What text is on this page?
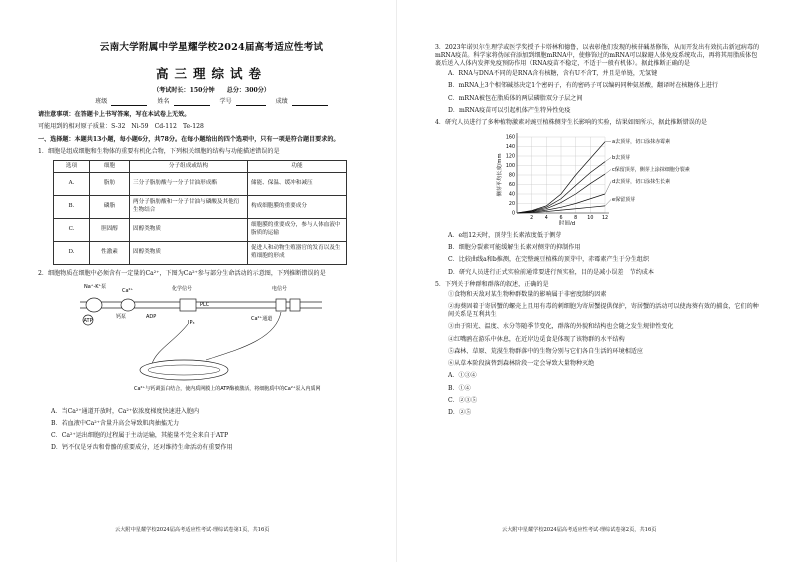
云南大学附属中学星耀学校2024届高考适应性考试
高三理综试卷
（考试时长：150分钟　　总分：300分）
班级	姓名	学号	成绩
请注意事项：在答题卡上书写答案，写在本试卷上无效。
可能用到的相对原子质量：S-32　Ni-59　Cd-112　Te-128
一、选择题：本题共13小题，每小题6分，共78分。在每小题给出的四个选项中，只有一项是符合题目要求的。
1．细胞是组成细胞和生物体的重要有机化合物，下列相关细胞的结构与功能描述错误的是
选项	细胞	分子组成或结构	功能
A.	脂肪	三分子脂肪酸与一分子甘油形成酯	储能、保温、缓冲和减压
B.	磷脂	两分子脂肪酸和一分子甘油与磷酸及其他衍生物结合	构成细胞膜的重要成分
C.	胆固醇	固醇类物质	细胞膜的重要成分，参与人体血液中脂质的运输
D.	性激素	固醇类物质	促进人和动物生殖器官的发育以及生殖细胞的形成
2．细胞物质在细胞中必须含有一定量的Ca²⁺，下图为Ca²⁺参与部分生命活动的示意图，下列推断错误的是
Na⁺-K⁺泵
ATP
Ca²⁺
钙泵	ADP
化学信号
PLC
IP₃
电信号
Ca²⁺通道
Ca²⁺与钙调蛋白结合，使内质网膜上的ATP酶被激活，将细胞质中的Ca²⁺泵入内质网
A．当Ca²⁺通道开放时，Ca²⁺依浓度梯度快速进入胞内
B．若血液中Ca²⁺含量升高会导致肌肉抽搐无力
C．Ca²⁺运出细胞的过程属于主动运输，其能量不完全来自于ATP
D．钙不仅是牙齿和骨骼的重要成分，还对维持生命活动有重要作用
云大附中星耀学校2024届高考适应性考试·理综试卷第1页，共16页
3．2023年诺贝尔生理学或医学奖授予卡塔林和德鲁，以表彰他们发现的核苷碱基修饰，从而开发出有效抗击新冠病毒的mRNA疫苗。科学家将伪尿苷添加到细胞mRNA中，使修饰过的mRNA可以躲避人体免疫系统攻击，再将其用脂质体包裹后送入人体内发挥免疫预防作用（RNA疫苗不稳定，不适于一般有机体）。据此推断正确的是
A．RNA与DNA不同的是RNA含有核糖，含有U不含T，并且是单链，无氢键
B．mRNA上3个相邻碱基决定1个密码子，有的密码子可以编码同种氨基酸，翻译时在核糖体上进行
C．mRNA被包在脂质体的两层磷脂双分子层之间
D．mRNA疫苗可以引起机体产生特异性免疫
4．研究人员进行了多种植物激素对豌豆植株侧芽生长影响的实验，结果如图所示，据此推断错误的是
0
20
40
60
80
100
120
140
160
2 4 6 8 10 12
时间/d
侧芽平均长度/mm
a去顶芽，切口涂抹赤霉素
b去顶芽
c保留顶芽，侧芽上涂抹细胞分裂素
d去顶芽，切口涂抹生长素
e保留顶芽
A．e组12天时，顶芽生长素浓度低于侧芽
B．细胞分裂素可能缓解生长素对侧芽的抑制作用
C．比较曲线a和b推测，在完整豌豆植株的顶芽中，赤霉素产生于分生组织
D．研究人员进行正式实验前通常要进行预实验，目的是减小误差　节约成本
5．下列关于种群和群落的叙述，正确的是
①食物和天敌对某生物种群数量的影响属于非密度制约因素
②海葵固着于寄居蟹的螺壳上且用有毒的刺细胞为寄居蟹提供保护，寄居蟹的活动可以使海葵有效的捕食，它们的种间关系是互利共生
③由于阳光、温度、水分等随季节变化，群落的外貌和结构也会随之发生规律性变化
④红嘴鸥在游乐中休息，在近岸边觅食是体现了该物群的水平结构
⑤森林、草原、荒漠生物群落中的生物分别与它们各自生活的环境相适应
⑥从草本阶段演替到森林阶段一定会导致大量物种灭绝
A．①③④
B．①④
C．②③⑤
D．②⑤
云大附中星耀学校2024届高考适应性考试·理综试卷第2页，共16页
